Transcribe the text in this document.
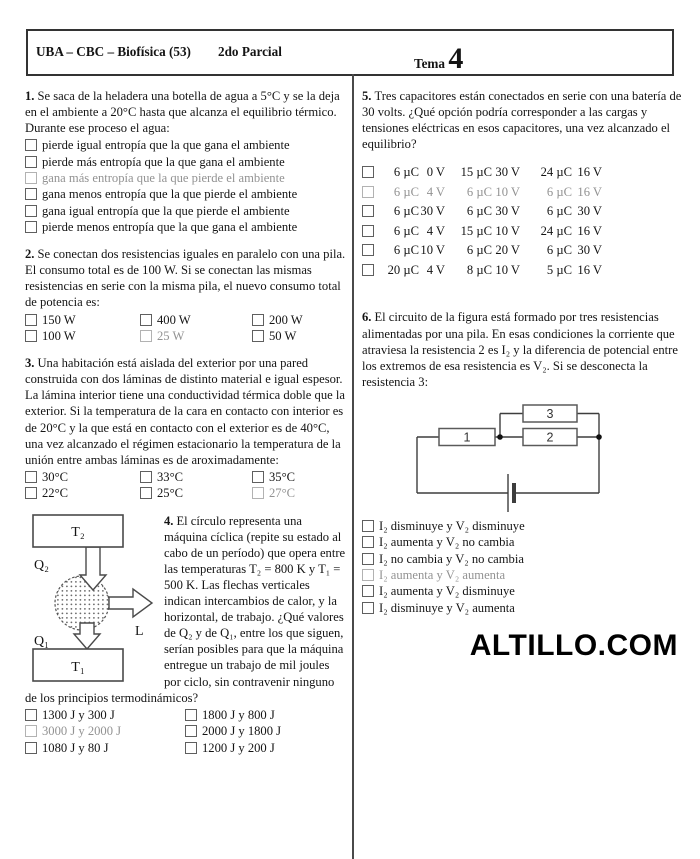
UBA – CBC – Biofísica (53) 2do Parcial
Tema 4

1. Se saca de la heladera una botella de agua a 5°C y se la deja en el ambiente a 20°C hasta que alcanza el equilibrio térmico. Durante ese proceso el agua:

pierde igual entropía que la que gana el ambiente
pierde más entropía que la que gana el ambiente
gana más entropía que la que pierde el ambiente
gana menos entropía que la que pierde el ambiente
gana igual entropía que la que pierde el ambiente
pierde menos entropía que la que gana el ambiente

2. Se conectan dos resistencias iguales en paralelo con una pila. El consumo total es de 100 W. Si se conectan las mismas resistencias en serie con la misma pila, el nuevo consumo total de potencia es:

150 W	400 W	200 W
100 W	25 W	50 W

3. Una habitación está aislada del exterior por una pared construida con dos láminas de distinto material e igual espesor. La lámina interior tiene una conductividad térmica doble que la exterior. Si la temperatura de la cara en contacto con interior es de 20°C y la que está en contacto con el exterior es de 40°C, una vez alcanzado el régimen estacionario la temperatura de la unión entre ambas láminas es de aroximadamente:

30°C	33°C	35°C
22°C	25°C	27°C
T₂
T₁
Q₂
Q₁
L

4. El círculo representa una máquina cíclica (repite su estado al cabo de un período) que opera entre las temperaturas T₂ = 800 K y T₁ = 500 K. Las flechas verticales indican intercambios de calor, y la horizontal, de trabajo. ¿Qué valores de Q₂ y de Q₁, entre los que siguen, serían posibles para que la máquina entregue un trabajo de mil joules por ciclo, sin contravenir ninguno

de los principios termodinámicos?

1300 J y 300 J	1800 J y 800 J
3000 J y 2000 J	2000 J y 1800 J
1080 J y 80 J	1200 J y 200 J

5. Tres capacitores están conectados en serie con una batería de 30 volts. ¿Qué opción podría corresponder a las cargas y tensiones eléctricas en esos capacitores, una vez alcanzado el equilibrio?

6 µC 0 V	15 µC 30 V	24 µC 16 V
6 µC 4 V	6 µC 10 V	6 µC 16 V
6 µC 30 V	6 µC 30 V	6 µC 30 V
6 µC 4 V	15 µC 10 V	24 µC 16 V
6 µC 10 V	6 µC 20 V	6 µC 30 V
20 µC 4 V	8 µC 10 V	5 µC 16 V

6. El circuito de la figura está formado por tres resistencias alimentadas por una pila. En esas condiciones la corriente que atraviesa la resistencia 2 es I₂ y la diferencia de potencial entre los extremos de esa resistencia es V₂. Si se desconecta la resistencia 3:

1	2
3
I₂ disminuye y V₂ disminuye
I₂ aumenta y V₂ no cambia
I₂ no cambia y V₂ no cambia
I₂ aumenta y V₂ aumenta
I₂ aumenta y V₂ disminuye
I₂ disminuye y V₂ aumenta
ALTILLO.COM
